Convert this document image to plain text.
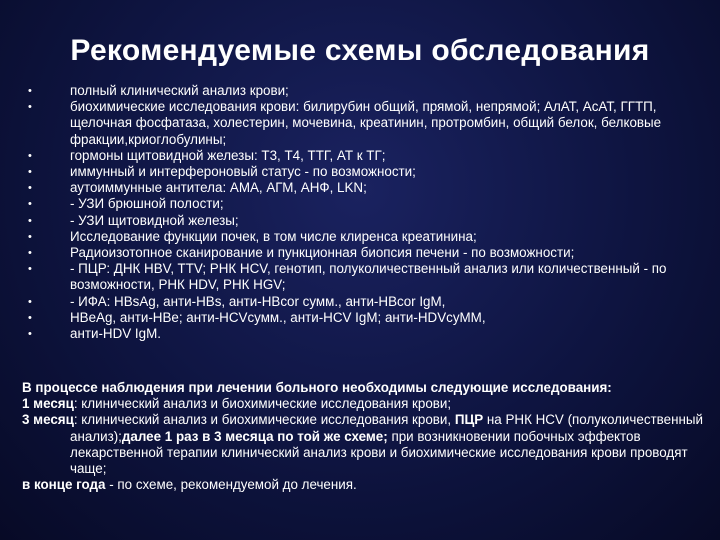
Рекомендуемые схемы обследования
•	полный клинический анализ крови;
•	биохимические исследования крови: билирубин общий, прямой, непрямой; АлАТ, АсАТ, ГГТП, щелочная фосфатаза, холестерин, мочевина, креатинин, протромбин, общий белок, белковые фракции,криоглобулины;
•	гормоны щитовидной железы: Т3, Т4, ТТГ, АТ к ТГ;
•	иммунный и интерфероновый статус - по возможности;
•	аутоиммунные антитела: АМА, АГМ, АНФ, LKN;
•	- УЗИ брюшной полости;
•	- УЗИ щитовидной железы;
•	Исследование функции почек, в том числе клиренса креатинина;
•	Радиоизотопное сканирование и пункционная биопсия печени - по возможности;
•	- ПЦР: ДНК HBV, TTV; РНК HCV, генотип, полуколичественный анализ или количественный - по возможности, РНК HDV, РНК HGV;
•	- ИФА: HBsAg, анти-HBs, анти-HBcor сумм., анти-HBcor IgM,
•	HBeAg, анти-HBe; анти-HCVсумм., анти-HCV IgM; анти-HDVсуММ,
•	анти-HDV IgM.

В процессе наблюдения при лечении больного необходимы следующие исследования:

1 месяц: клинический анализ и биохимические исследования крови;

3 месяц: клинический анализ и биохимические исследования крови, ПЦР на РНК HCV (полуколичественный анализ);далее 1 раз в 3 месяца по той же схеме; при возникновении побочных эффектов лекарственной терапии клинический анализ крови и биохимические исследования крови проводят чаще;

в конце года - по схеме, рекомендуемой до лечения.
